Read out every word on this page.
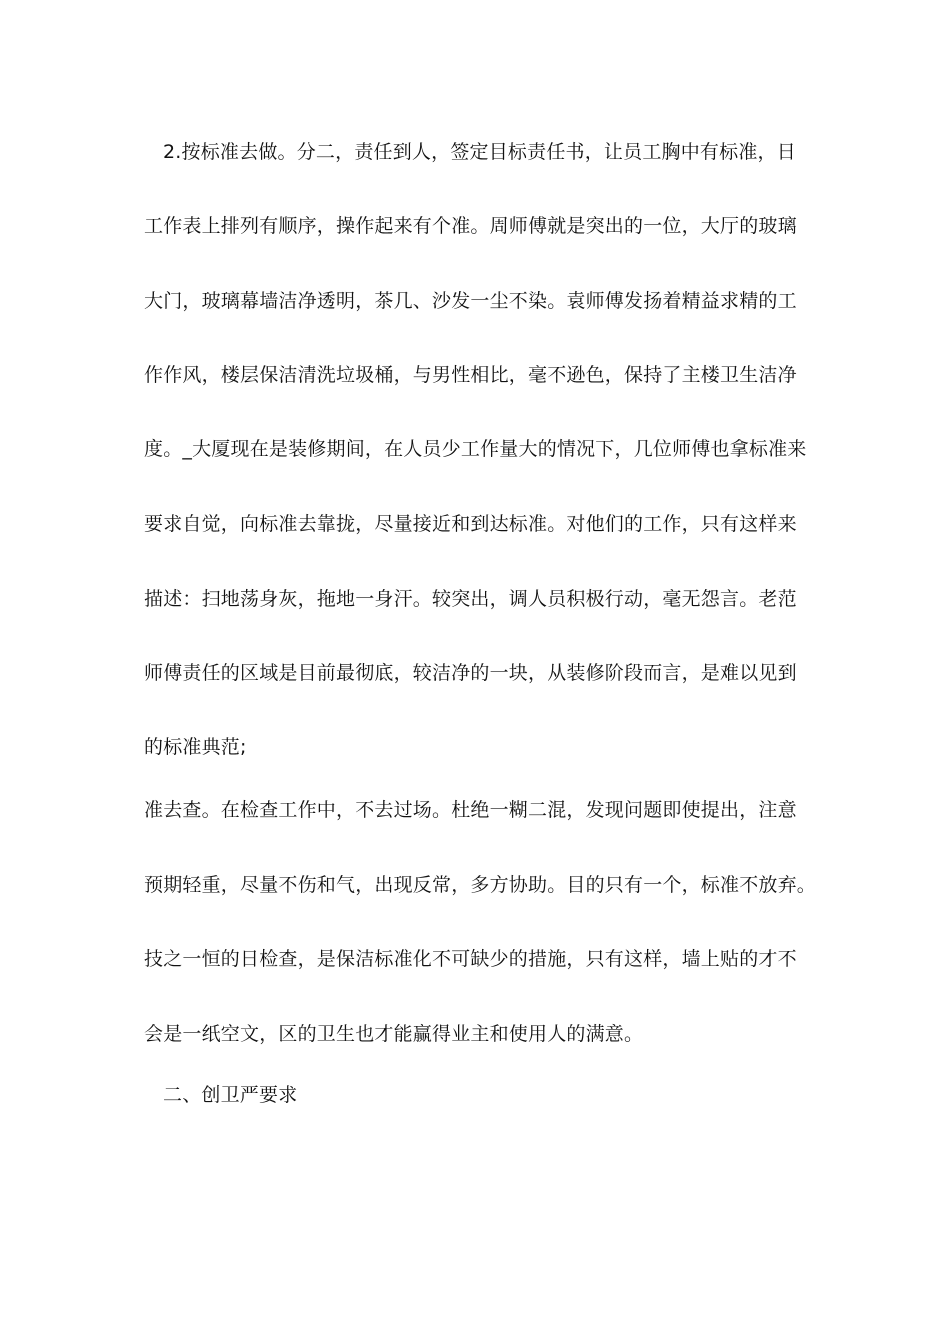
2.按标准去做。分二，责任到人，签定目标责任书，让员工胸中有标准，日
工作表上排列有顺序，操作起来有个准。周师傅就是突出的一位，大厅的玻璃
大门，玻璃幕墙洁净透明，茶几、沙发一尘不染。袁师傅发扬着精益求精的工
作作风，楼层保洁清洗垃圾桶，与男性相比，毫不逊色，保持了主楼卫生洁净
度。_大厦现在是装修期间，在人员少工作量大的情况下，几位师傅也拿标准来
要求自觉，向标准去靠拢，尽量接近和到达标准。对他们的工作，只有这样来
描述：扫地荡身灰，拖地一身汗。较突出，调人员积极行动，毫无怨言。老范
师傅责任的区域是目前最彻底，较洁净的一块，从装修阶段而言，是难以见到
的标准典范;
准去查。在检查工作中，不去过场。杜绝一糊二混，发现问题即使提出，注意
预期轻重，尽量不伤和气，出现反常，多方协助。目的只有一个，标准不放弃。
技之一恒的日检查，是保洁标准化不可缺少的措施，只有这样，墙上贴的才不
会是一纸空文，区的卫生也才能赢得业主和使用人的满意。
二、创卫严要求
